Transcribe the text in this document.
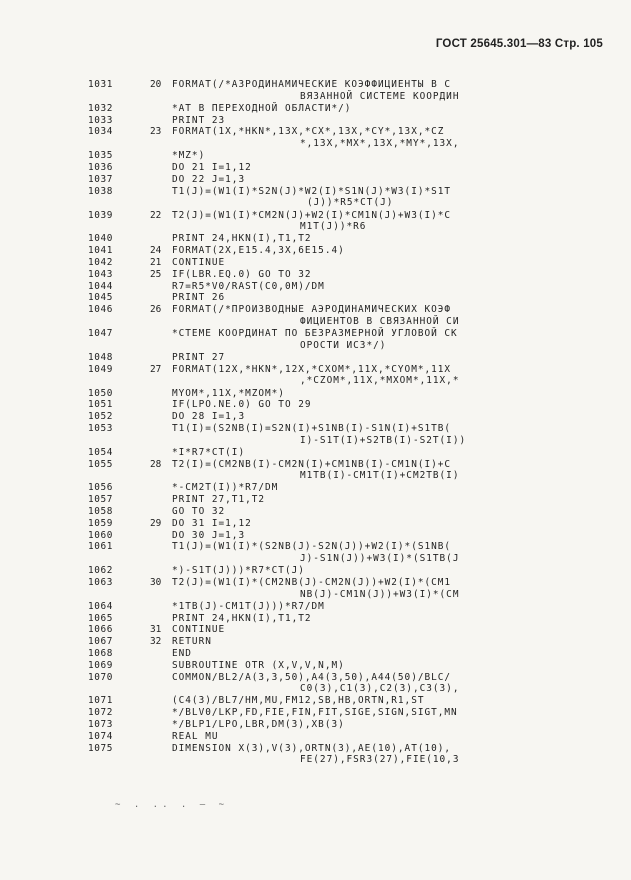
ГОСТ 25645.301—83 Стр. 105
1031	20 FORMAT(/*АЗРОДИНАМИЧЕСКИЕ КОЭФФИЦИЕНТЫ В С
ВЯЗАННОЙ СИСТЕМЕ КООРДИН
1032	*АТ В ПЕРЕХОДНОЙ ОБЛАСТИ*/)
1033	PRINT 23
1034	23 FORMAT(1X,*HKN*,13X,*CX*,13X,*CY*,13X,*CZ
*,13X,*MX*,13X,*MY*,13X,
1035	*MZ*)
1036	DO 21 I=1,12
1037	DO 22 J=1,3
1038	T1(J)=(W1(I)*S2N(J)*W2(I)*S1N(J)*W3(I)*S1T
(J))*R5*CT(J)
1039	22 T2(J)=(W1(I)*CM2N(J)+W2(I)*CM1N(J)+W3(I)*C
M1T(J))*R6
1040	PRINT 24,HKN(I),T1,T2
1041	24 FORMAT(2X,E15.4,3X,6E15.4)
1042	21 CONTINUE
1043	25 IF(LBR.EQ.0) GO TO 32
1044	R7=R5*V0/RAST(C0,0M)/DM
1045	PRINT 26
1046	26 FORMAT(/*ПРОИЗВОДНЫЕ АЭРОДИНАМИЧЕСКИХ КОЭФ
ФИЦИЕНТОВ В СВЯЗАННОЙ СИ
1047	*СТЕМЕ КООРДИНАТ ПО БЕЗРАЗМЕРНОЙ УГЛОВОЙ СК
ОРОСТИ ИСЗ*/)
1048	PRINT 27
1049	27 FORMAT(12X,*HKN*,12X,*CXOM*,11X,*CYOM*,11X
,*CZOM*,11X,*MXOM*,11X,*
1050	MYOM*,11X,*MZOM*)
1051	IF(LPO.NE.0) GO TO 29
1052	DO 28 I=1,3
1053	T1(I)=(S2NB(I)=S2N(I)+S1NB(I)-S1N(I)+S1TB(
I)-S1T(I)+S2TB(I)-S2T(I))
1054	*I*R7*CT(I)
1055	28 T2(I)=(CM2NB(I)-CM2N(I)+CM1NB(I)-CM1N(I)+C
M1TB(I)-CM1T(I)+CM2TB(I)
1056	*-CM2T(I))*R7/DM
1057	PRINT 27,T1,T2
1058	GO TO 32
1059	29 DO 31 I=1,12
1060	DO 30 J=1,3
1061	T1(J)=(W1(I)*(S2NB(J)-S2N(J))+W2(I)*(S1NB(
J)-S1N(J))+W3(I)*(S1TB(J
1062	*)-S1T(J)))*R7*CT(J)
1063	30 T2(J)=(W1(I)*(CM2NB(J)-CM2N(J))+W2(I)*(CM1
NB(J)-CM1N(J))+W3(I)*(CM
1064	*1TB(J)-CM1T(J)))*R7/DM
1065	PRINT 24,HKN(I),T1,T2
1066	31 CONTINUE
1067	32 RETURN
1068	END
1069	SUBROUTINE OTR (X,V,V,N,M)
1070	COMMON/BL2/A(3,3,50),A4(3,50),A44(50)/BLC/
C0(3),C1(3),C2(3),C3(3),
1071	(C4(3)/BL7/HM,MU,FM12,SB,HB,ORTN,R1,ST
1072	*/BLV0/LKP,FD,FIE,FIN,FIT,SIGE,SIGN,SIGT,MN
1073	*/BLP1/LPO,LBR,DM(3),XB(3)
1074	REAL MU
1075	DIMENSION X(3),V(3),ORTN(3),AE(10),AT(10),
FE(27),FSR3(27),FIE(10,3
~ . .. . — ~
